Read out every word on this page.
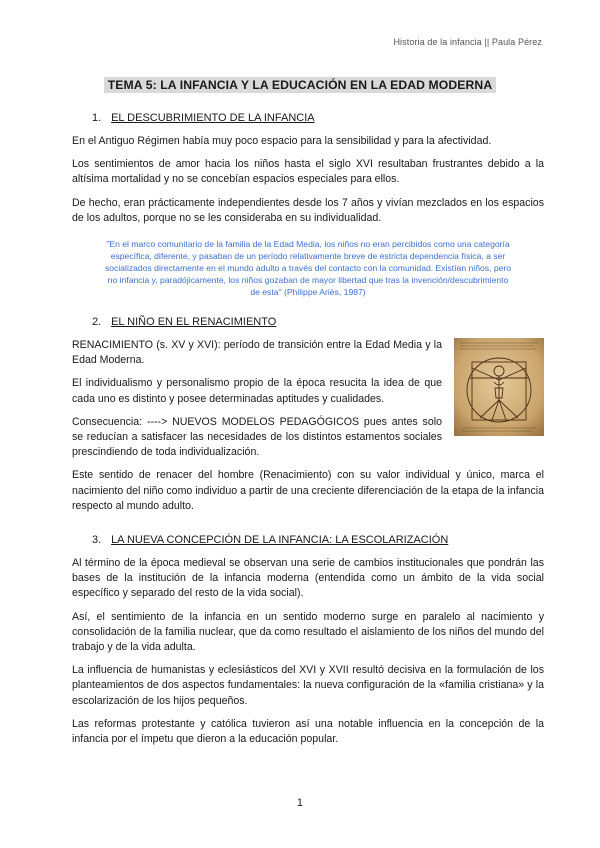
Historia de la infancia || Paula Pérez
TEMA 5: LA INFANCIA Y LA EDUCACIÓN EN LA EDAD MODERNA
1. EL DESCUBRIMIENTO DE LA INFANCIA

En el Antiguo Régimen había muy poco espacio para la sensibilidad y para la afectividad.

Los sentimientos de amor hacia los niños hasta el siglo XVI resultaban frustrantes debido a la altísima mortalidad y no se concebían espacios especiales para ellos.

De hecho, eran prácticamente independientes desde los 7 años y vivían mezclados en los espacios de los adultos, porque no se les consideraba en su individualidad.

"En el marco comunitario de la familia de la Edad Media, los niños no eran percibidos como una categoría específica, diferente, y pasaban de un período relativamente breve de estricta dependencia física, a ser socializados directamente en el mundo adulto a través del contacto con la comunidad. Existían niños, pero no infancia y, paradójicamente, los niños gozaban de mayor libertad que tras la invención/descubrimiento de esta" (Philippe Ariès, 1987)
2. EL NIÑO EN EL RENACIMIENTO

RENACIMIENTO (s. XV y XVI): período de transición entre la Edad Media y la Edad Moderna.

El individualismo y personalismo propio de la época resucita la idea de que cada uno es distinto y posee determinadas aptitudes y cualidades.

Consecuencia: ----> NUEVOS MODELOS PEDAGÓGICOS pues antes solo se reducían a satisfacer las necesidades de los distintos estamentos sociales prescindiendo de toda individualización.

Este sentido de renacer del hombre (Renacimiento) con su valor individual y único, marca el nacimiento del niño como individuo a partir de una creciente diferenciación de la etapa de la infancia respecto al mundo adulto.

3. LA NUEVA CONCEPCIÓN DE LA INFANCIA: LA ESCOLARIZACIÓN

Al término de la época medieval se observan una serie de cambios institucionales que pondrán las bases de la institución de la infancia moderna (entendida como un ámbito de la vida social específico y separado del resto de la vida social).

Así, el sentimiento de la infancia en un sentido moderno surge en paralelo al nacimiento y consolidación de la familia nuclear, que da como resultado el aislamiento de los niños del mundo del trabajo y de la vida adulta.

La influencia de humanistas y eclesiásticos del XVI y XVII resultó decisiva en la formulación de los planteamientos de dos aspectos fundamentales: la nueva configuración de la «familia cristiana» y la escolarización de los hijos pequeños.

Las reformas protestante y católica tuvieron así una notable influencia en la concepción de la infancia por el ímpetu que dieron a la educación popular.

1
